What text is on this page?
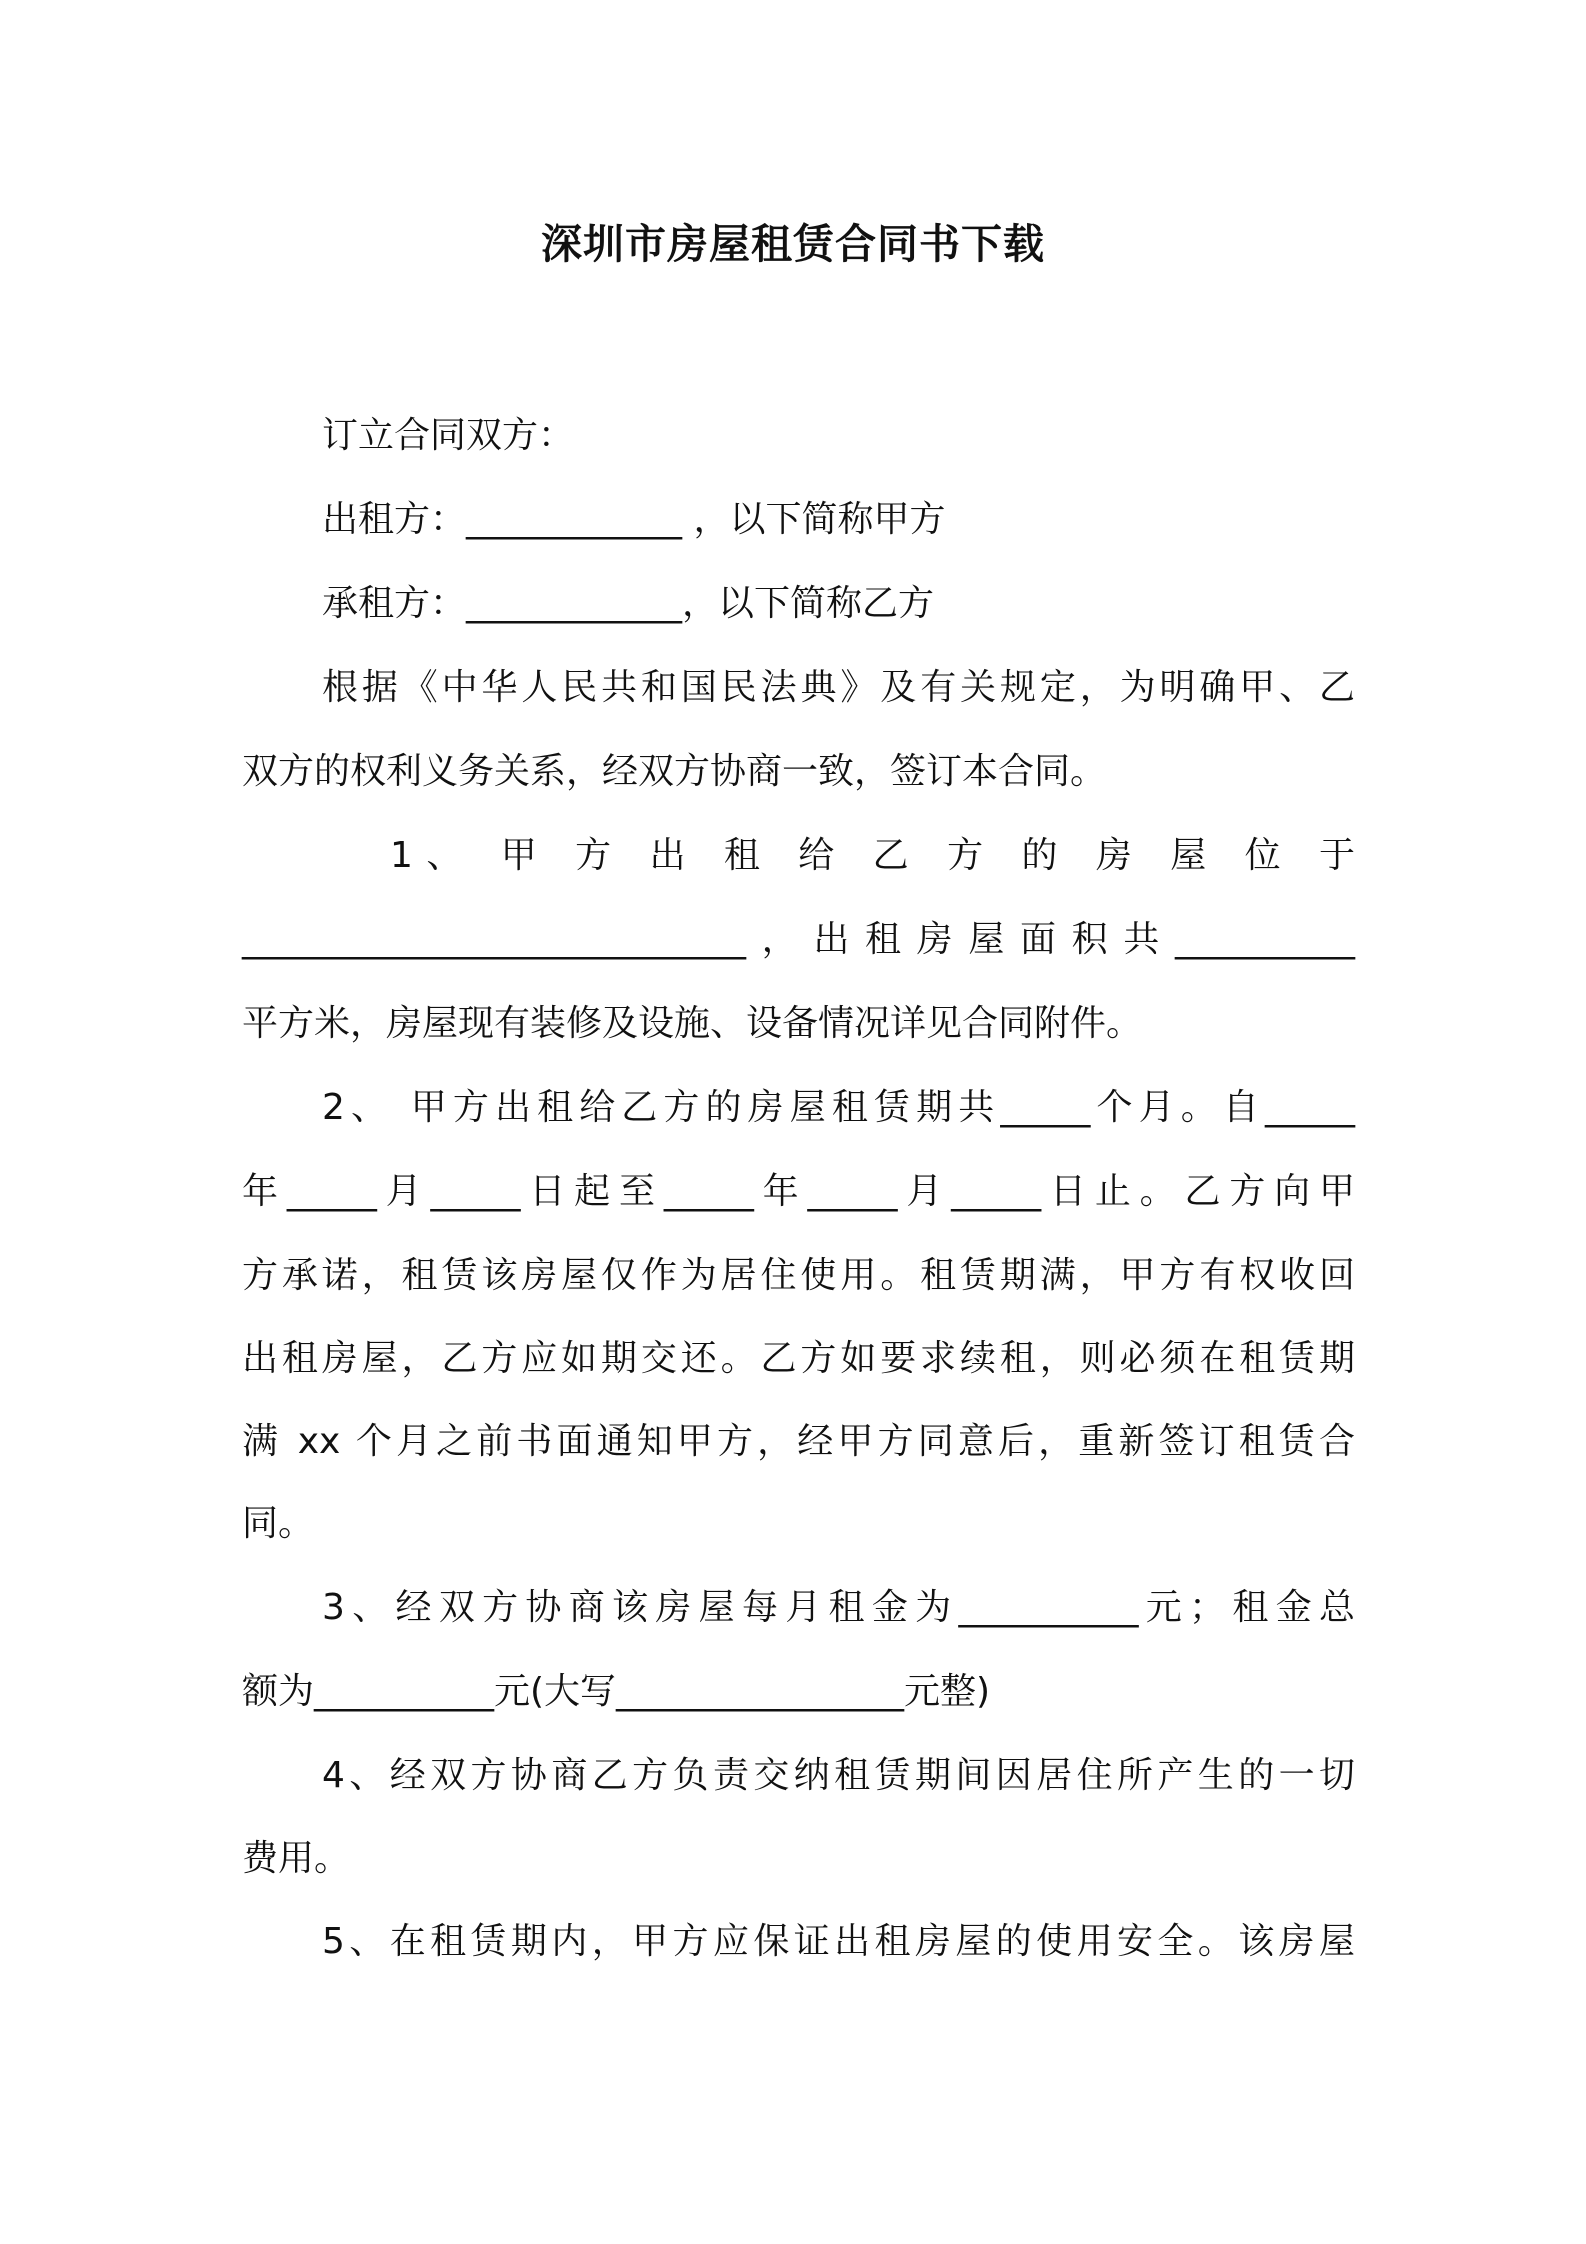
深圳市房屋租赁合同书下载

订立合同双方：

出租方：____________ ，以下简称甲方

承租方：____________，以下简称乙方

根据《中华人民共和国民法典》及有关规定，为明确甲、乙

双方的权利义务关系，经双方协商一致，签订本合同。

1、 甲 方 出 租 给 乙 方 的 房 屋 位 于

____________________________，出租房屋面积共__________

平方米，房屋现有装修及设施、设备情况详见合同附件。

2、 甲方出租给乙方的房屋租赁期共_____个月。自_____

年_____月_____日起至_____年_____月_____日止。乙方向甲

方承诺，租赁该房屋仅作为居住使用。租赁期满，甲方有权收回

出租房屋，乙方应如期交还。乙方如要求续租，则必须在租赁期

满 xx 个月之前书面通知甲方，经甲方同意后，重新签订租赁合

同。

3、经双方协商该房屋每月租金为__________元；租金总

额为__________元(大写________________元整)

4、经双方协商乙方负责交纳租赁期间因居住所产生的一切

费用。

5、在租赁期内，甲方应保证出租房屋的使用安全。该房屋
